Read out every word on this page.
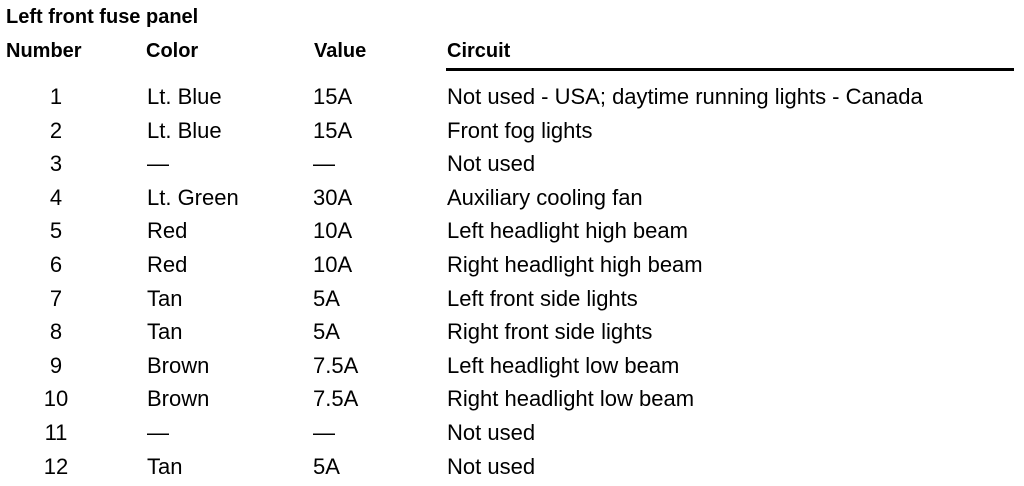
Left front fuse panel
Number	Color	Value	Circuit
1	Lt. Blue	15A	Not used - USA; daytime running lights - Canada
2	Lt. Blue	15A	Front fog lights
3	—	—	Not used
4	Lt. Green	30A	Auxiliary cooling fan
5	Red	10A	Left headlight high beam
6	Red	10A	Right headlight high beam
7	Tan	5A	Left front side lights
8	Tan	5A	Right front side lights
9	Brown	7.5A	Left headlight low beam
10	Brown	7.5A	Right headlight low beam
11	—	—	Not used
12	Tan	5A	Not used
